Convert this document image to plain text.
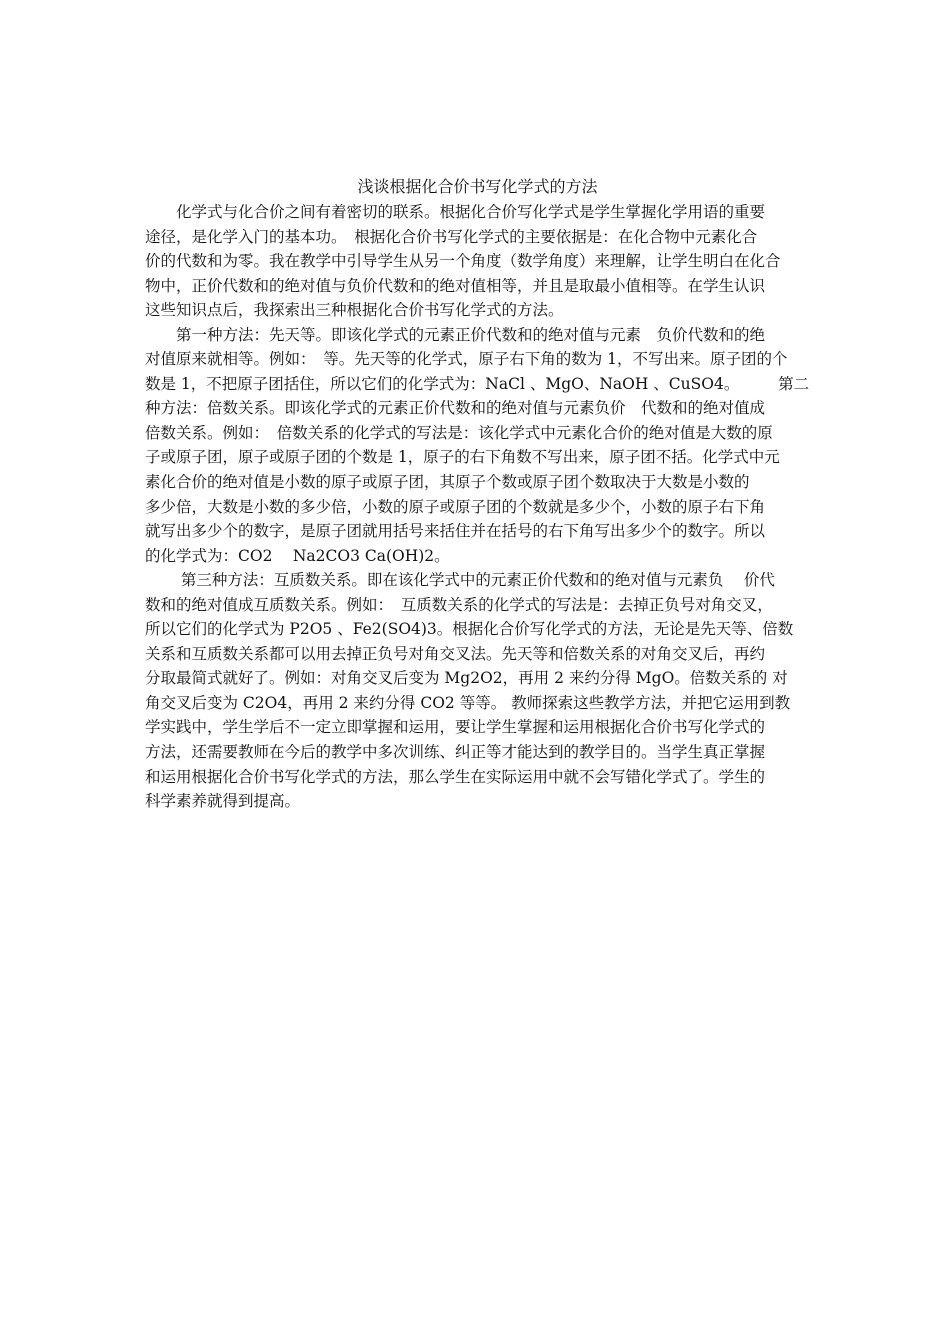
浅谈根据化合价书写化学式的方法
　　化学式与化合价之间有着密切的联系。根据化合价写化学式是学生掌握化学用语的重要
途径，是化学入门的基本功。　根据化合价书写化学式的主要依据是：在化合物中元素化合
价的代数和为零。我在教学中引导学生从另一个角度（数学角度）来理解，让学生明白在化合
物中，正价代数和的绝对值与负价代数和的绝对值相等，并且是取最小值相等。在学生认识
这些知识点后，我探索出三种根据化合价书写化学式的方法。
　　第一种方法：先天等。即该化学式的元素正价代数和的绝对值与元素　负价代数和的绝
对值原来就相等。例如：　等。先天等的化学式，原子右下角的数为 1，不写出来。原子团的个
数是 1，不把原子团括住，所以它们的化学式为：NaCl 、MgO、NaOH 、CuSO4。　　　第二
种方法：倍数关系。即该化学式的元素正价代数和的绝对值与元素负价　代数和的绝对值成
倍数关系。例如：　倍数关系的化学式的写法是：该化学式中元素化合价的绝对值是大数的原
子或原子团，原子或原子团的个数是 1，原子的右下角数不写出来，原子团不括。化学式中元
素化合价的绝对值是小数的原子或原子团，其原子个数或原子团个数取决于大数是小数的
多少倍，大数是小数的多少倍，小数的原子或原子团的个数就是多少个，小数的原子右下角
就写出多少个的数字，是原子团就用括号来括住并在括号的右下角写出多少个的数字。所以
的化学式为：CO2　 Na2CO3 Ca(OH)2。
　　 第三种方法：互质数关系。即在该化学式中的元素正价代数和的绝对值与元素负　 价代
数和的绝对值成互质数关系。例如：　互质数关系的化学式的写法是：去掉正负号对角交叉，
所以它们的化学式为 P2O5 、Fe2(SO4)3。根据化合价写化学式的方法，无论是先天等、倍数
关系和互质数关系都可以用去掉正负号对角交叉法。先天等和倍数关系的对角交叉后，再约
分取最简式就好了。例如：对角交叉后变为 Mg2O2，再用 2 来约分得 MgO。倍数关系的 对
角交叉后变为 C2O4，再用 2 来约分得 CO2 等等。 教师探索这些教学方法，并把它运用到教
学实践中，学生学后不一定立即掌握和运用，要让学生掌握和运用根据化合价书写化学式的
方法，还需要教师在今后的教学中多次训练、纠正等才能达到的教学目的。当学生真正掌握
和运用根据化合价书写化学式的方法，那么学生在实际运用中就不会写错化学式了。学生的
科学素养就得到提高。
